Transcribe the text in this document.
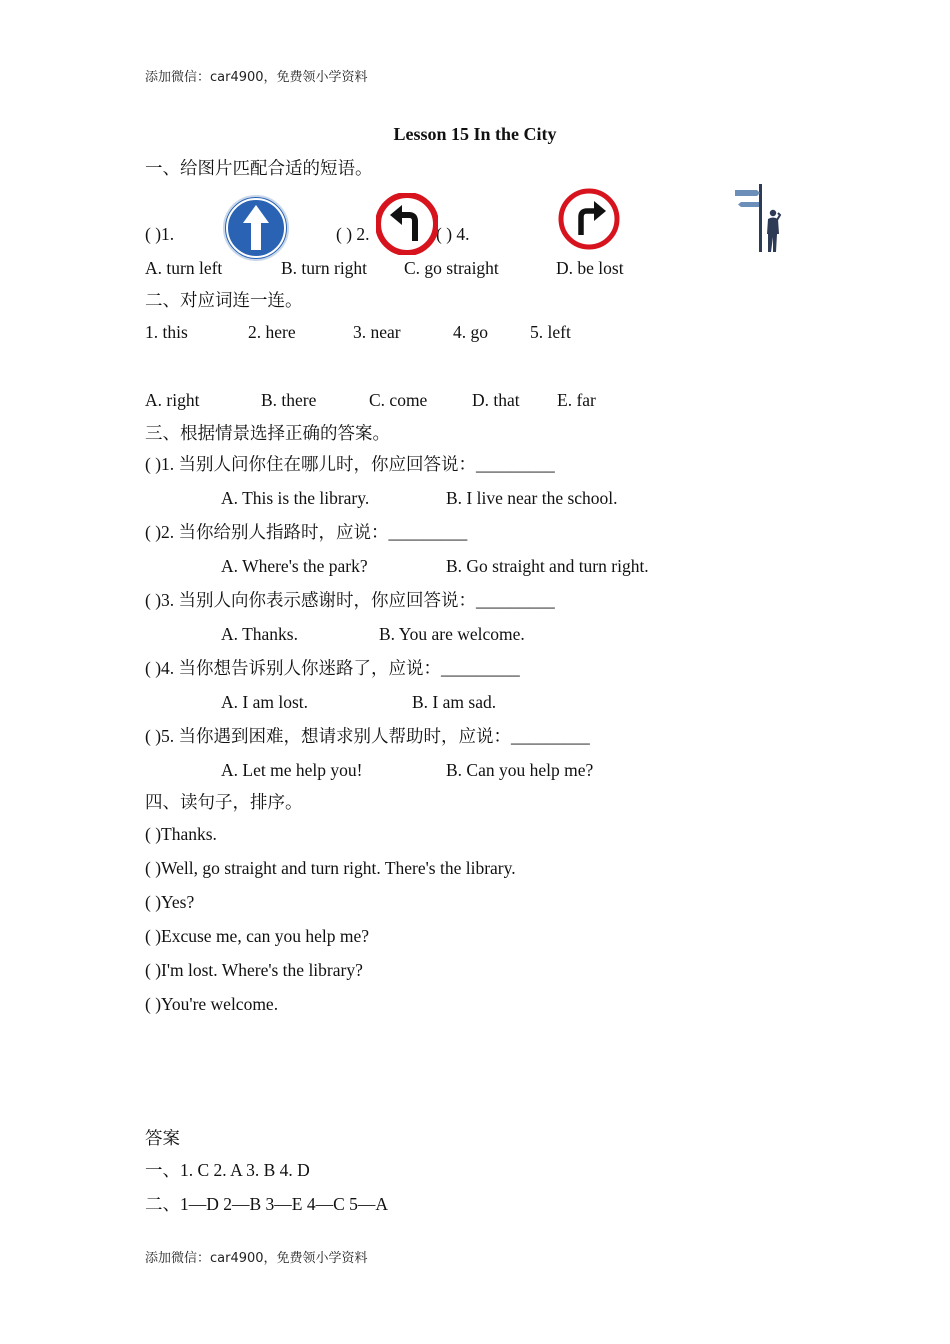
添加微信：car4900，免费领小学资料
Lesson 15 In the City
一、给图片匹配合适的短语。
( )1.	( ) 2.	( ) 4.
A. turn left	B. turn right C. go straight	D. be lost
二、对应词连一连。
1. this	2. here	3. near	4. go 5. left
A. right	B. there	C. come	D. that E. far
三、根据情景选择正确的答案。
( )1. 当别人问你住在哪儿时，你应回答说：_________
A. This is the library.	B. I live near the school.
( )2. 当你给别人指路时，应说：_________
A. Where's the park?	B. Go straight and turn right.
( )3. 当别人向你表示感谢时，你应回答说：_________
A. Thanks.	B. You are welcome.
( )4. 当你想告诉别人你迷路了，应说：_________
A. I am lost.	B. I am sad.
( )5. 当你遇到困难，想请求别人帮助时，应说：_________
A. Let me help you!	B. Can you help me?
四、读句子，排序。
( )Thanks.
( )Well, go straight and turn right. There's the library.
( )Yes?
( )Excuse me, can you help me?
( )I'm lost. Where's the library?
( )You're welcome.
答案
一、1. C 2. A 3. B 4. D
二、1—D 2—B 3—E 4—C 5—A
添加微信：car4900，免费领小学资料
